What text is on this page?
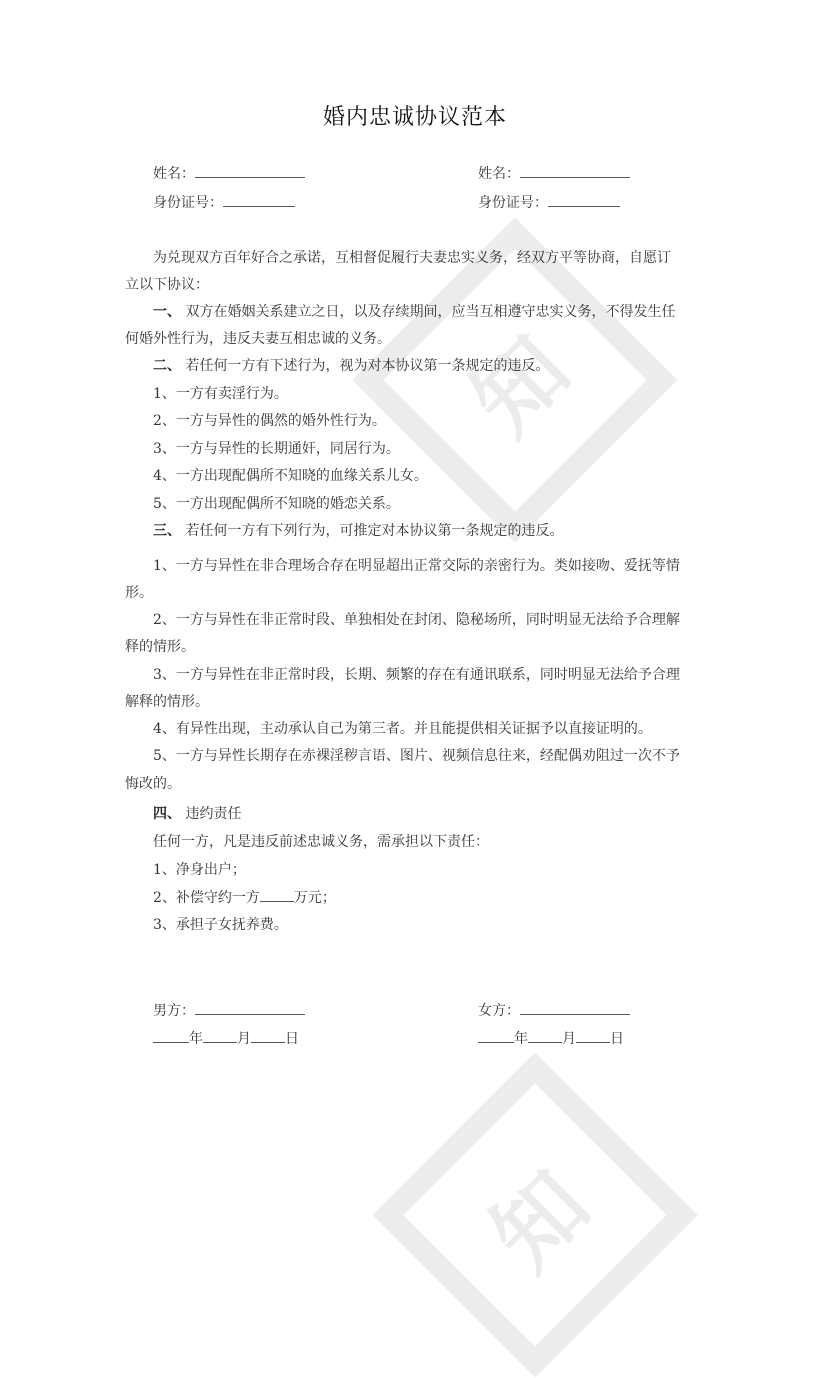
知
知
婚内忠诚协议范本
姓名：	姓名：
身份证号：	身份证号：
为兑现双方百年好合之承诺，互相督促履行夫妻忠实义务，经双方平等协商，自愿订
立以下协议：
一、 双方在婚姻关系建立之日，以及存续期间，应当互相遵守忠实义务，不得发生任
何婚外性行为，违反夫妻互相忠诚的义务。
二、 若任何一方有下述行为，视为对本协议第一条规定的违反。
1、一方有卖淫行为。
2、一方与异性的偶然的婚外性行为。
3、一方与异性的长期通奸，同居行为。
4、一方出现配偶所不知晓的血缘关系儿女。
5、一方出现配偶所不知晓的婚恋关系。
三、 若任何一方有下列行为，可推定对本协议第一条规定的违反。
1、一方与异性在非合理场合存在明显超出正常交际的亲密行为。类如接吻、爱抚等情
形。
2、一方与异性在非正常时段、单独相处在封闭、隐秘场所，同时明显无法给予合理解
释的情形。
3、一方与异性在非正常时段，长期、频繁的存在有通讯联系，同时明显无法给予合理
解释的情形。
4、有异性出现，主动承认自己为第三者。并且能提供相关证据予以直接证明的。
5、一方与异性长期存在赤裸淫秽言语、图片、视频信息往来，经配偶劝阻过一次不予
悔改的。
四、 违约责任
任何一方，凡是违反前述忠诚义务，需承担以下责任：
1、净身出户；
2、补偿守约一方 万元；
3、承担子女抚养费。
男方：	女方：
年 月 日	年 月 日
